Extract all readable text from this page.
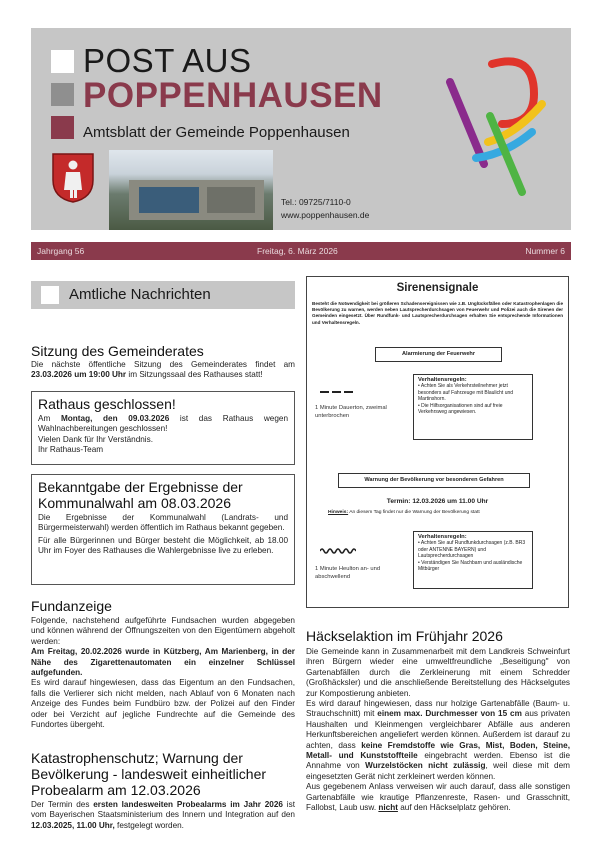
POST AUS
POPPENHAUSEN
Amtsblatt der Gemeinde Poppenhausen
Tel.: 09725/7110-0
www.poppenhausen.de
Jahrgang 56	Freitag, 6. März 2026	Nummer 6
Amtliche Nachrichten
Sitzung des Gemeinderates

Die nächste öffentliche Sitzung des Gemeinderates findet am 23.03.2026 um 19:00 Uhr im Sitzungssaal des Rathauses statt!

Rathaus geschlossen!

Am Montag, den 09.03.2026 ist das Rathaus wegen Wahlnachbereitungen geschlossen!

Vielen Dank für Ihr Verständnis.

Ihr Rathaus-Team

Bekanntgabe der Ergebnisse der Kommunalwahl am 08.03.2026

Die Ergebnisse der Kommunalwahl (Landrats- und Bürgermeisterwahl) werden öffentlich im Rathaus bekannt gegeben.

Für alle Bürgerinnen und Bürger besteht die Möglichkeit, ab 18.00 Uhr im Foyer des Rathauses die Wahlergebnisse live zu erleben.

Fundanzeige

Folgende, nachstehend aufgeführte Fundsachen wurden abgegeben und können während der Öffnungszeiten von den Eigentümern abgeholt werden:

Am Freitag, 20.02.2026 wurde in Kützberg, Am Marienberg, in der Nähe des Zigarettenautomaten ein einzelner Schlüssel aufgefunden.

Es wird darauf hingewiesen, dass das Eigentum an den Fundsachen, falls die Verlierer sich nicht melden, nach Ablauf von 6 Monaten nach Anzeige des Fundes beim Fundbüro bzw. der Polizei auf den Finder oder bei Verzicht auf jegliche Fundrechte auf die Gemeinde des Fundortes übergeht.

Katastrophenschutz; Warnung der Bevölkerung - landesweit einheitlicher Probealarm am 12.03.2026

Der Termin des ersten landesweiten Probealarms im Jahr 2026 ist vom Bayerischen Staatsministerium des Innern und Integration auf den 12.03.2025, 11.00 Uhr, festgelegt worden.

Sirenensignale
Besteht die Notwendigkeit bei größeren Schadensereignissen wie z.B. Unglücksfällen oder Katastrophenlagen die Bevölkerung zu warnen, werden neben Lautsprecherdurchsagen von Feuerwehr und Polizei auch die Sirenen der Gemeinden eingesetzt. Über Rundfunk- und Lautsprecherdurchsagen erhalten Sie entsprechende Informationen und Verhaltensregeln.
Alarmierung der Feuerwehr
1 Minute Dauerton, zweimal unterbrochen
Verhaltensregeln:
• Achten Sie als Verkehrsteilnehmer jetzt besonders auf Fahrzeuge mit Blaulicht und Martinshorn.
• Die Hilfsorganisationen sind auf freie Verkehrsweg angewiesen.
Warnung der Bevölkerung vor besonderen Gefahren
Termin: 12.03.2026 um 11.00 Uhr
Hinweis: An diesem Tag findet nur die Warnung der Bevölkerung statt
1 Minute Heulton an- und abschwellend
Verhaltensregeln:
• Achten Sie auf Rundfunkdurchsagen (z.B. BR3 oder ANTENNE BAYERN) und Lautsprecherdurchsagen
• Verständigen Sie Nachbarn und ausländische Mitbürger
Häckselaktion im Frühjahr 2026

Die Gemeinde kann in Zusammenarbeit mit dem Landkreis Schweinfurt ihren Bürgern wieder eine umweltfreundliche „Beseitigung" von Gartenabfällen durch die Zerkleinerung mit einem Schredder (Großhäcksler) und die anschließende Bereitstellung des Häckselgutes zur Kompostierung anbieten.

Es wird darauf hingewiesen, dass nur holzige Gartenabfälle (Baum- u. Strauchschnitt) mit einem max. Durchmesser von 15 cm aus privaten Haushalten und Kleinmengen vergleichbarer Abfälle aus anderen Herkunftsbereichen angeliefert werden können. Außerdem ist darauf zu achten, dass keine Fremdstoffe wie Gras, Mist, Boden, Steine, Metall- und Kunststoffteile eingebracht werden. Ebenso ist die Annahme von Wurzelstöcken nicht zulässig, weil diese mit dem eingesetzten Gerät nicht zerkleinert werden können.

Aus gegebenem Anlass verweisen wir auch darauf, dass alle sonstigen Gartenabfälle wie krautige Pflanzenreste, Rasen- und Grasschnitt, Fallobst, Laub usw. nicht auf den Häckselplatz gehören.
